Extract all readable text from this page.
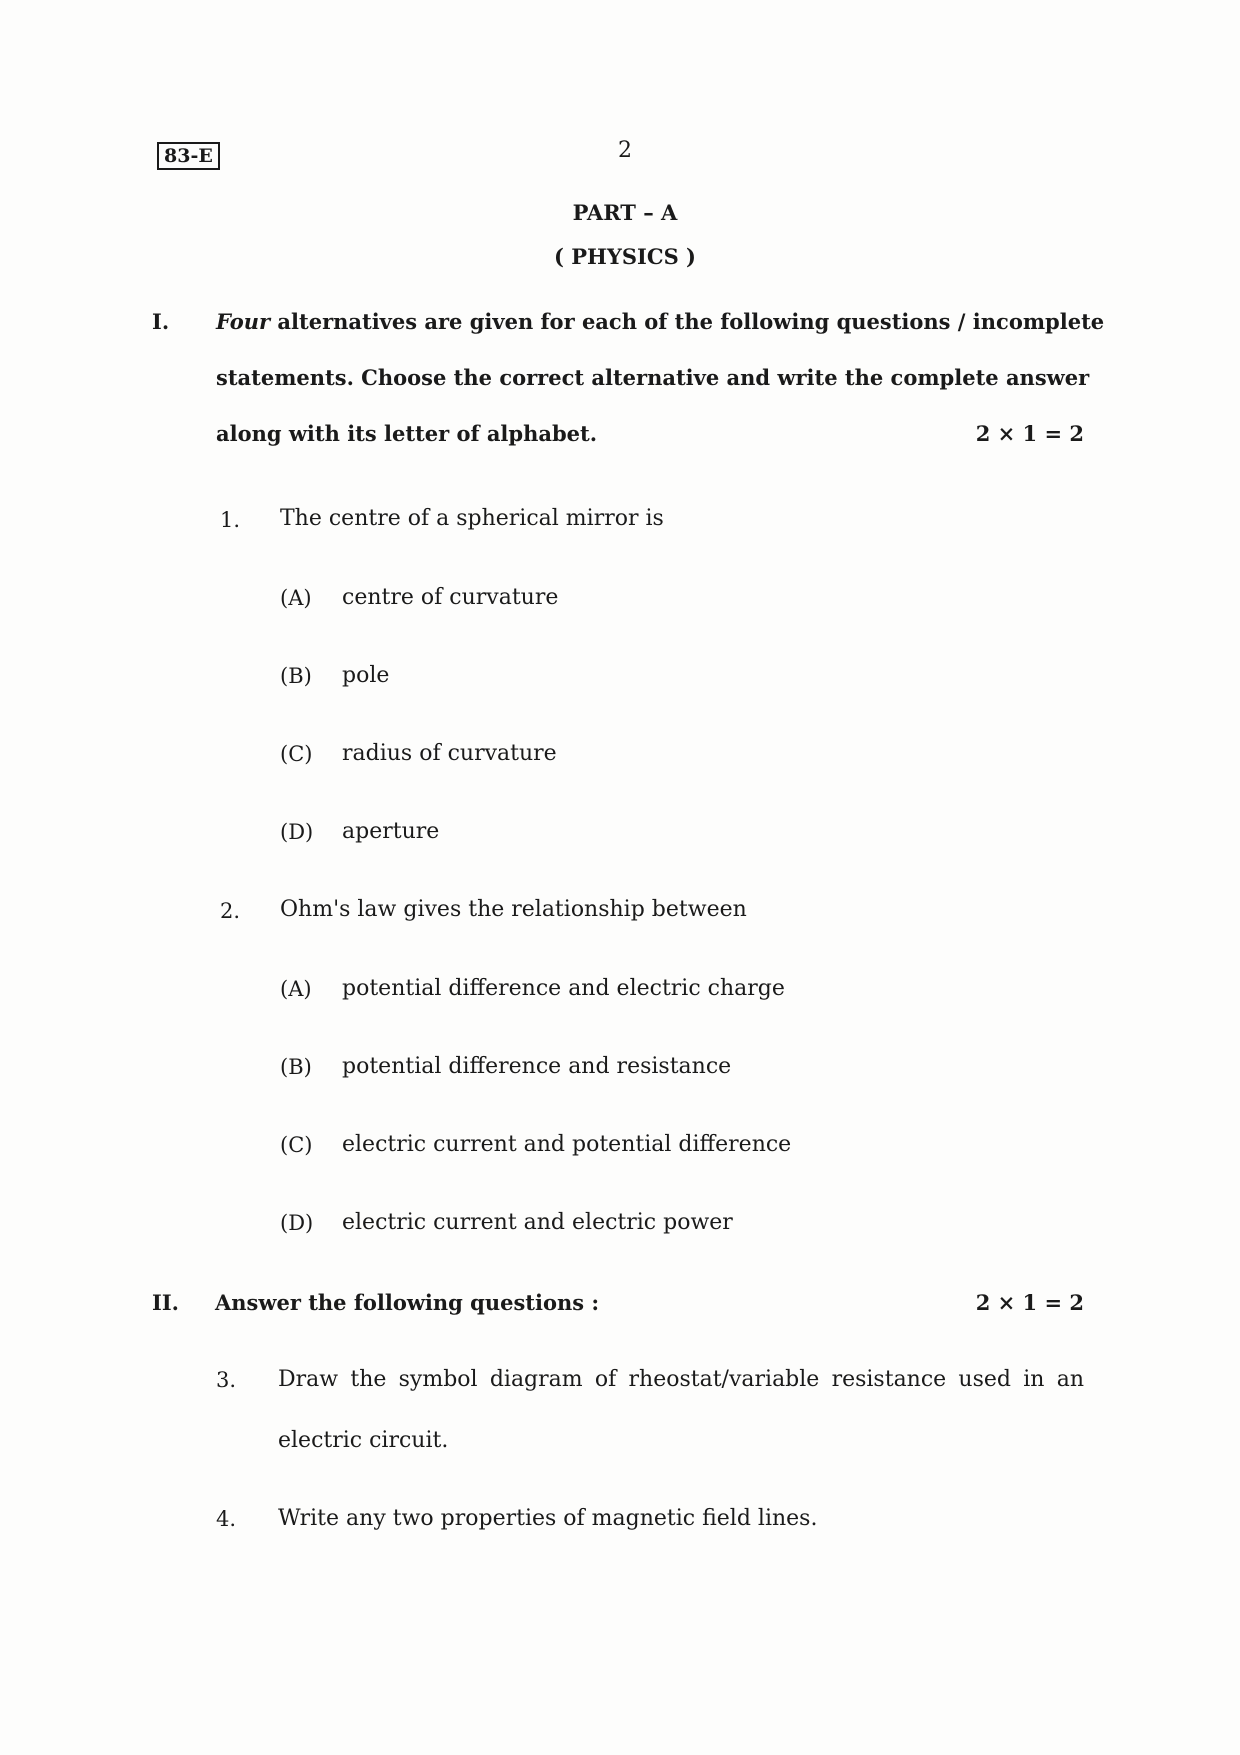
83-E	2
PART – A
( PHYSICS )
I. Four alternatives are given for each of the following questions / incomplete
statements. Choose the correct alternative and write the complete answer
along with its letter of alphabet.	2 × 1 = 2
1. The centre of a spherical mirror is
(A) centre of curvature
(B) pole
(C) radius of curvature
(D) aperture
2. Ohm's law gives the relationship between
(A) potential difference and electric charge
(B) potential difference and resistance
(C) electric current and potential difference
(D) electric current and electric power
II. Answer the following questions :	2 × 1 = 2
3. Draw the symbol diagram of rheostat/variable resistance used in an
electric circuit.
4. Write any two properties of magnetic field lines.
